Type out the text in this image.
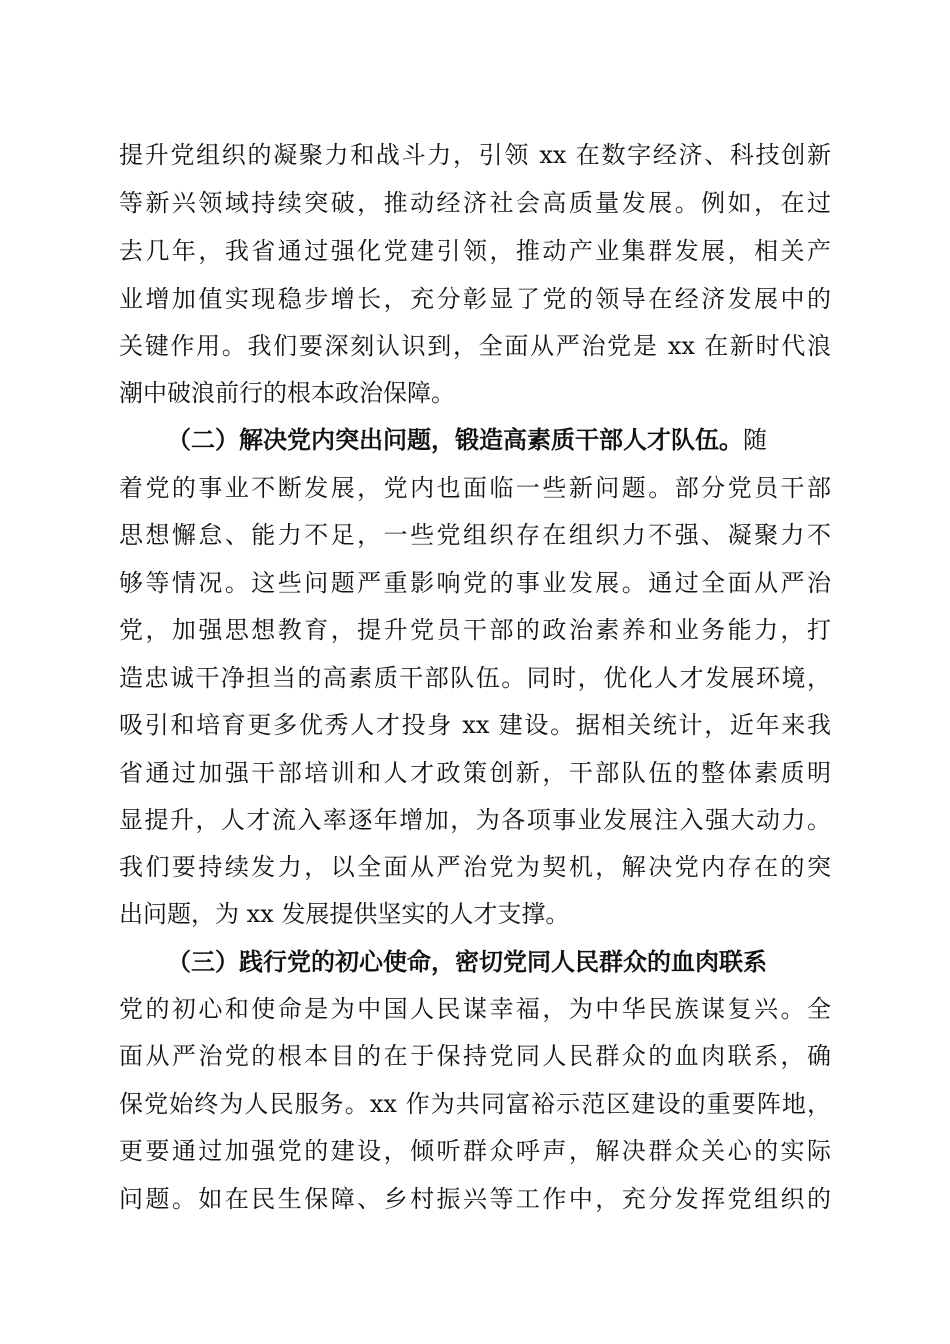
提升党组织的凝聚力和战斗力，引领 xx 在数字经济、科技创新
等新兴领域持续突破，推动经济社会高质量发展。例如，在过
去几年，我省通过强化党建引领，推动产业集群发展，相关产
业增加值实现稳步增长，充分彰显了党的领导在经济发展中的
关键作用。我们要深刻认识到，全面从严治党是 xx 在新时代浪
潮中破浪前行的根本政治保障。
（二）解决党内突出问题，锻造高素质干部人才队伍。随
着党的事业不断发展，党内也面临一些新问题。部分党员干部
思想懈怠、能力不足，一些党组织存在组织力不强、凝聚力不
够等情况。这些问题严重影响党的事业发展。通过全面从严治
党，加强思想教育，提升党员干部的政治素养和业务能力，打
造忠诚干净担当的高素质干部队伍。同时，优化人才发展环境，
吸引和培育更多优秀人才投身 xx 建设。据相关统计，近年来我
省通过加强干部培训和人才政策创新，干部队伍的整体素质明
显提升，人才流入率逐年增加，为各项事业发展注入强大动力。
我们要持续发力，以全面从严治党为契机，解决党内存在的突
出问题，为 xx 发展提供坚实的人才支撑。
（三）践行党的初心使命，密切党同人民群众的血肉联系
党的初心和使命是为中国人民谋幸福，为中华民族谋复兴。全
面从严治党的根本目的在于保持党同人民群众的血肉联系，确
保党始终为人民服务。xx 作为共同富裕示范区建设的重要阵地，
更要通过加强党的建设，倾听群众呼声，解决群众关心的实际
问题。如在民生保障、乡村振兴等工作中，充分发挥党组织的
